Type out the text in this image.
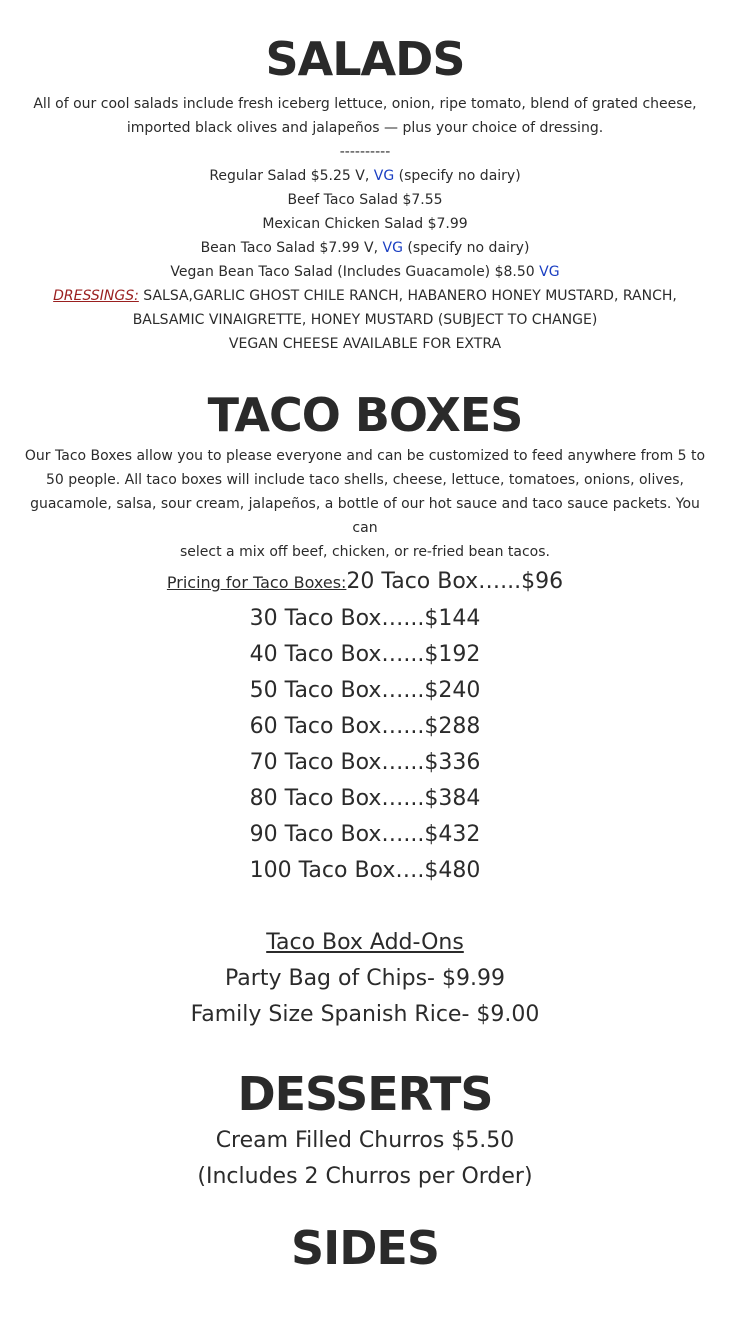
SALADS

All of our cool salads include fresh iceberg lettuce, onion, ripe tomato, blend of grated cheese,

imported black olives and jalapeños — plus your choice of dressing.

----------

Regular Salad $5.25 V, VG (specify no dairy)

Beef Taco Salad $7.55

Mexican Chicken Salad $7.99

Bean Taco Salad $7.99 V, VG (specify no dairy)

Vegan Bean Taco Salad (Includes Guacamole) $8.50 VG

DRESSINGS: SALSA,GARLIC GHOST CHILE RANCH, HABANERO HONEY MUSTARD, RANCH,

BALSAMIC VINAIGRETTE, HONEY MUSTARD (SUBJECT TO CHANGE)

VEGAN CHEESE AVAILABLE FOR EXTRA

TACO BOXES

Our Taco Boxes allow you to please everyone and can be customized to feed anywhere from 5 to

50 people. All taco boxes will include taco shells, cheese, lettuce, tomatoes, onions, olives,

guacamole, salsa, sour cream, jalapeños, a bottle of our hot sauce and taco sauce packets. You can

select a mix off beef, chicken, or re-fried bean tacos.

Pricing for Taco Boxes:20 Taco Box…...$96

30 Taco Box…...$144

40 Taco Box…...$192

50 Taco Box…...$240

60 Taco Box…...$288

70 Taco Box…...$336

80 Taco Box…...$384

90 Taco Box…...$432

100 Taco Box….$480

Taco Box Add-Ons

Party Bag of Chips- $9.99

Family Size Spanish Rice- $9.00

DESSERTS

Cream Filled Churros $5.50

(Includes 2 Churros per Order)

SIDES
